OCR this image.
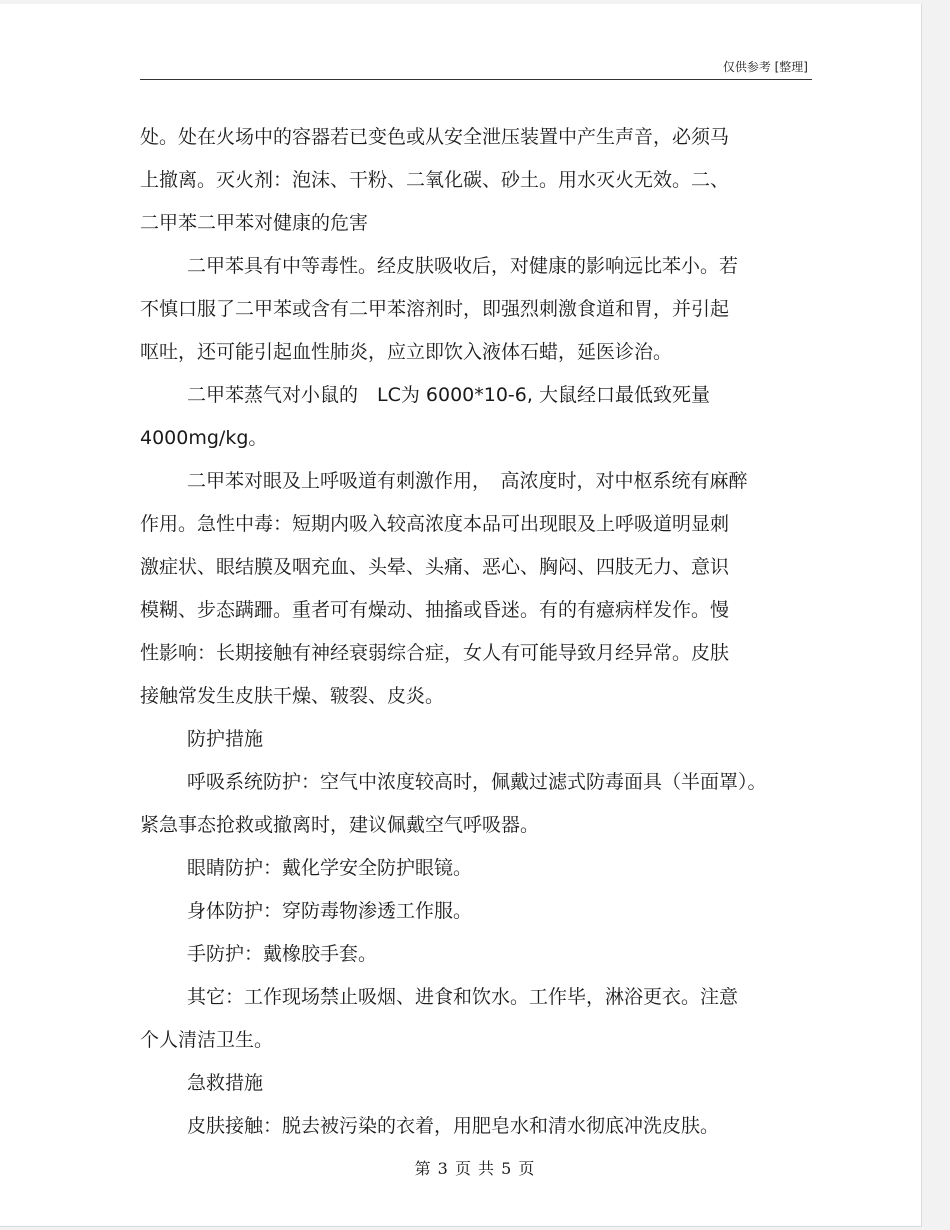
仅供参考 [整理]
处。处在火场中的容器若已变色或从安全泄压装置中产生声音，必须马
上撤离。灭火剂：泡沫、干粉、二氧化碳、砂土。用水灭火无效。二、
二甲苯二甲苯对健康的危害
二甲苯具有中等毒性。经皮肤吸收后，对健康的影响远比苯小。若
不慎口服了二甲苯或含有二甲苯溶剂时，即强烈刺激食道和胃，并引起
呕吐，还可能引起血性肺炎，应立即饮入液体石蜡，延医诊治。
二甲苯蒸气对小鼠的　LC为 6000*10-6, 大鼠经口最低致死量
4000mg/kg。
二甲苯对眼及上呼吸道有刺激作用，　高浓度时，对中枢系统有麻醉
作用。急性中毒：短期内吸入较高浓度本品可出现眼及上呼吸道明显刺
激症状、眼结膜及咽充血、头晕、头痛、恶心、胸闷、四肢无力、意识
模糊、步态蹒跚。重者可有燥动、抽搐或昏迷。有的有癔病样发作。慢
性影响：长期接触有神经衰弱综合症，女人有可能导致月经异常。皮肤
接触常发生皮肤干燥、皲裂、皮炎。
防护措施
呼吸系统防护：空气中浓度较高时，佩戴过滤式防毒面具（半面罩）。
紧急事态抢救或撤离时，建议佩戴空气呼吸器。
眼睛防护：戴化学安全防护眼镜。
身体防护：穿防毒物渗透工作服。
手防护：戴橡胶手套。
其它：工作现场禁止吸烟、进食和饮水。工作毕，淋浴更衣。注意
个人清洁卫生。
急救措施
皮肤接触：脱去被污染的衣着，用肥皂水和清水彻底冲洗皮肤。
第 3 页 共 5 页
